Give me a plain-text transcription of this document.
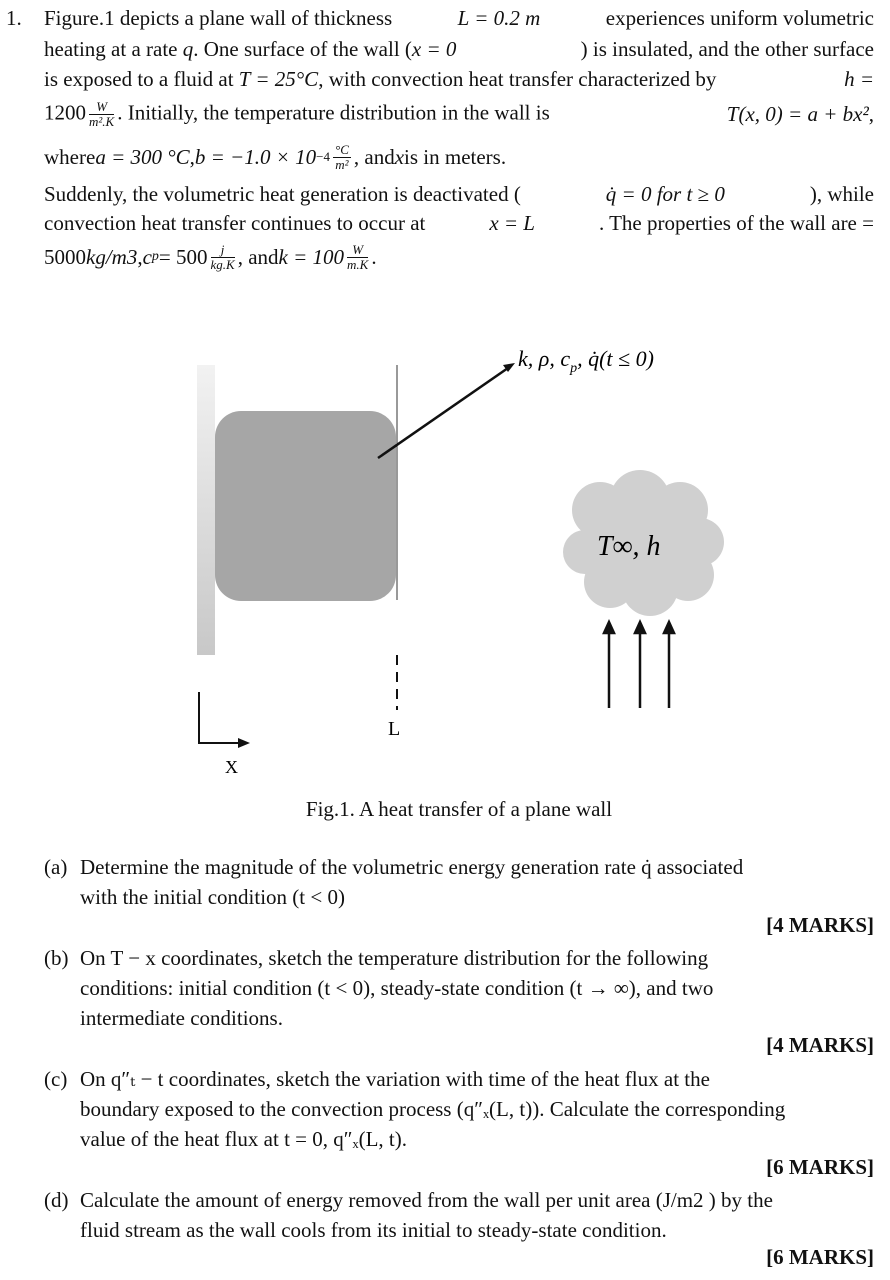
1. Figure.1 depicts a plane wall of thickness	L = 0.2 m	experiences uniform volumetric
heating at a rate q. One surface of the wall (x = 0	) is insulated, and the other surface
is exposed to a fluid at T = 25°C, with convection heat transfer characterized by	h =
$1200 \frac{W}{\text{m².K}}$ . Initially, the temperature distribution in the wall is	T(x, 0) = a + bx²,
where a = 300 °C , $b = -1.0 \times 10 -4 \frac{^\circ C}{\text{m²}}$ , and x is in meters.
Suddenly, the volumetric heat generation is deactivated (	q̇ = 0 for t ≥ 0	), while
convection heat transfer continues to occur at	x = L	. The properties of the wall are =
5000 kg/m3 , c $p = 500 \frac{j}{kg.K}$ , and $k = 100 \frac{W}{m.K}$ .
L
X
k, ρ, $c_p$, q̇(t ≤ 0)
T∞, h
Fig.1. A heat transfer of a plane wall
(a) Determine the magnitude of the volumetric energy generation rate q̇ associated
with the initial condition (t < 0)
[4 MARKS]
(b) On T − x coordinates, sketch the temperature distribution for the following
conditions: initial condition (t < 0), steady-state condition (t → ∞), and two
intermediate conditions.
[4 MARKS]
(c) On q″ₜ − t coordinates, sketch the variation with time of the heat flux at the
boundary exposed to the convection process (q″ₓ(L, t)). Calculate the corresponding
value of the heat flux at t = 0, q″ₓ(L, t).
[6 MARKS]
(d) Calculate the amount of energy removed from the wall per unit area (J/m2 ) by the
fluid stream as the wall cools from its initial to steady-state condition.
[6 MARKS]
